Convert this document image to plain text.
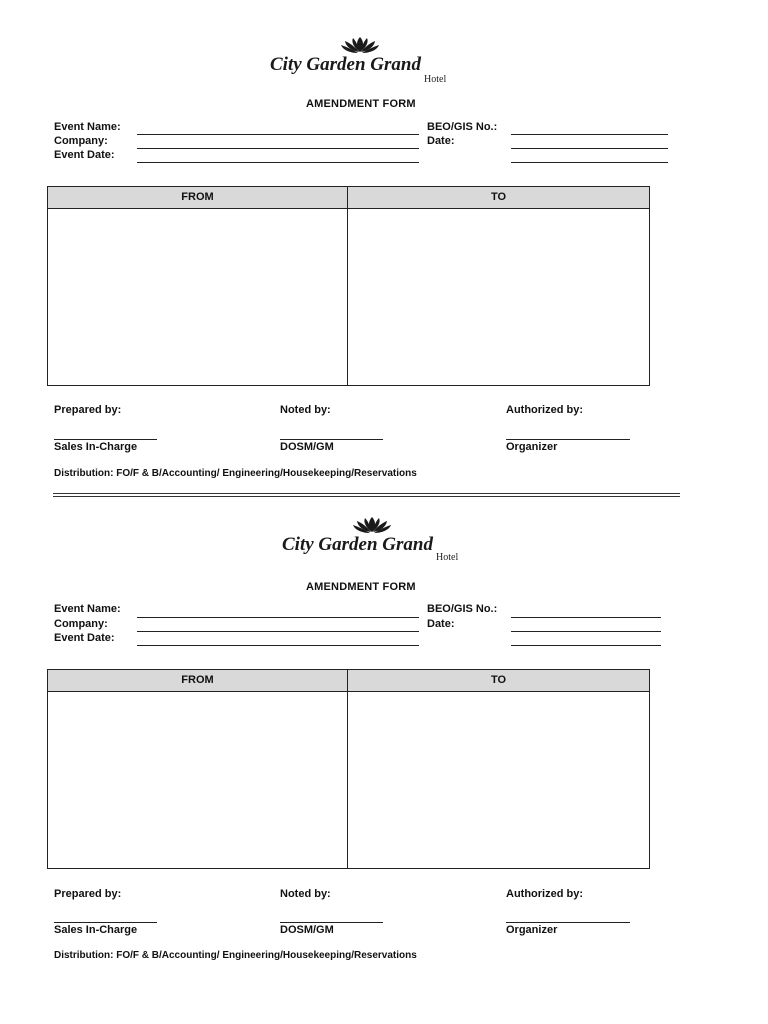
City Garden Grand
Hotel
AMENDMENT FORM
Event Name:
Company:
Event Date:
BEO/GIS No.:
Date:
FROM	TO
Prepared by:	Noted by:	Authorized by:
Sales In-Charge	DOSM/GM	Organizer
Distribution: FO/F & B/Accounting/ Engineering/Housekeeping/Reservations
City Garden Grand
Hotel
AMENDMENT FORM
Event Name:
Company:
Event Date:
BEO/GIS No.:
Date:
FROM	TO
Prepared by:	Noted by:	Authorized by:
Sales In-Charge	DOSM/GM	Organizer
Distribution: FO/F & B/Accounting/ Engineering/Housekeeping/Reservations
